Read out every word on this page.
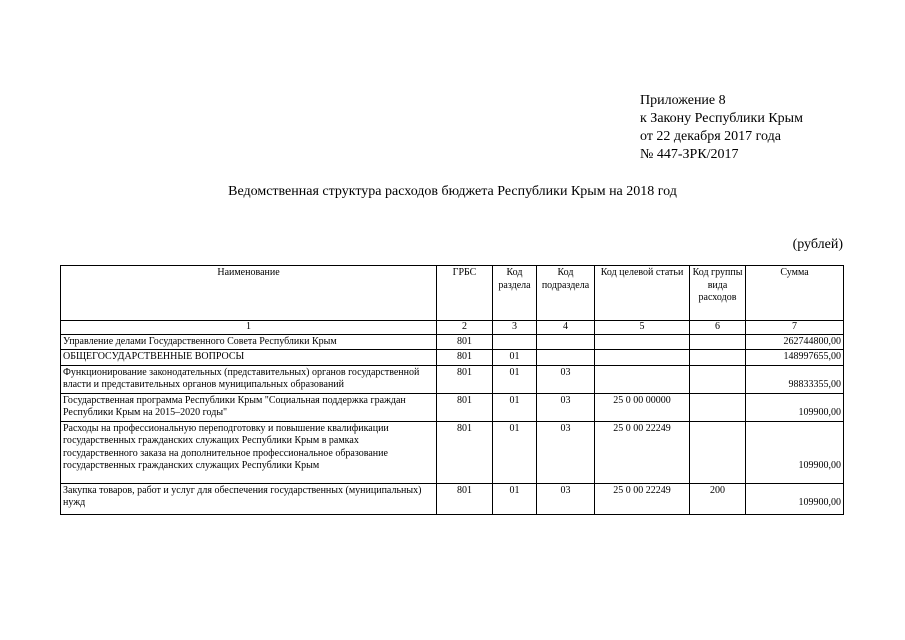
Приложение 8
к Закону Республики Крым
от 22 декабря 2017 года
№ 447-ЗРК/2017
Ведомственная структура расходов бюджета Республики Крым на 2018 год
(рублей)
Наименование	ГРБС	Код раздела	Код подраздела	Код целевой статьи	Код группы вида расходов	Сумма
1	2	3	4	5	6	7
Управление делами Государственного Совета Республики Крым	801					262744800,00
ОБЩЕГОСУДАРСТВЕННЫЕ ВОПРОСЫ	801	01				148997655,00
Функционирование законодательных (представительных) органов государственной власти и представительных органов муниципальных образований	801	01	03			98833355,00
Государственная программа Республики Крым "Социальная поддержка граждан Республики Крым на 2015–2020 годы"	801	01	03	25 0 00 00000		109900,00
Расходы на профессиональную переподготовку и повышение квалификации государственных гражданских служащих Республики Крым в рамках государственного заказа на дополнительное профессиональное образование государственных гражданских служащих Республики Крым	801	01	03	25 0 00 22249		109900,00
Закупка товаров, работ и услуг для обеспечения государственных (муниципальных) нужд	801	01	03	25 0 00 22249	200	109900,00
